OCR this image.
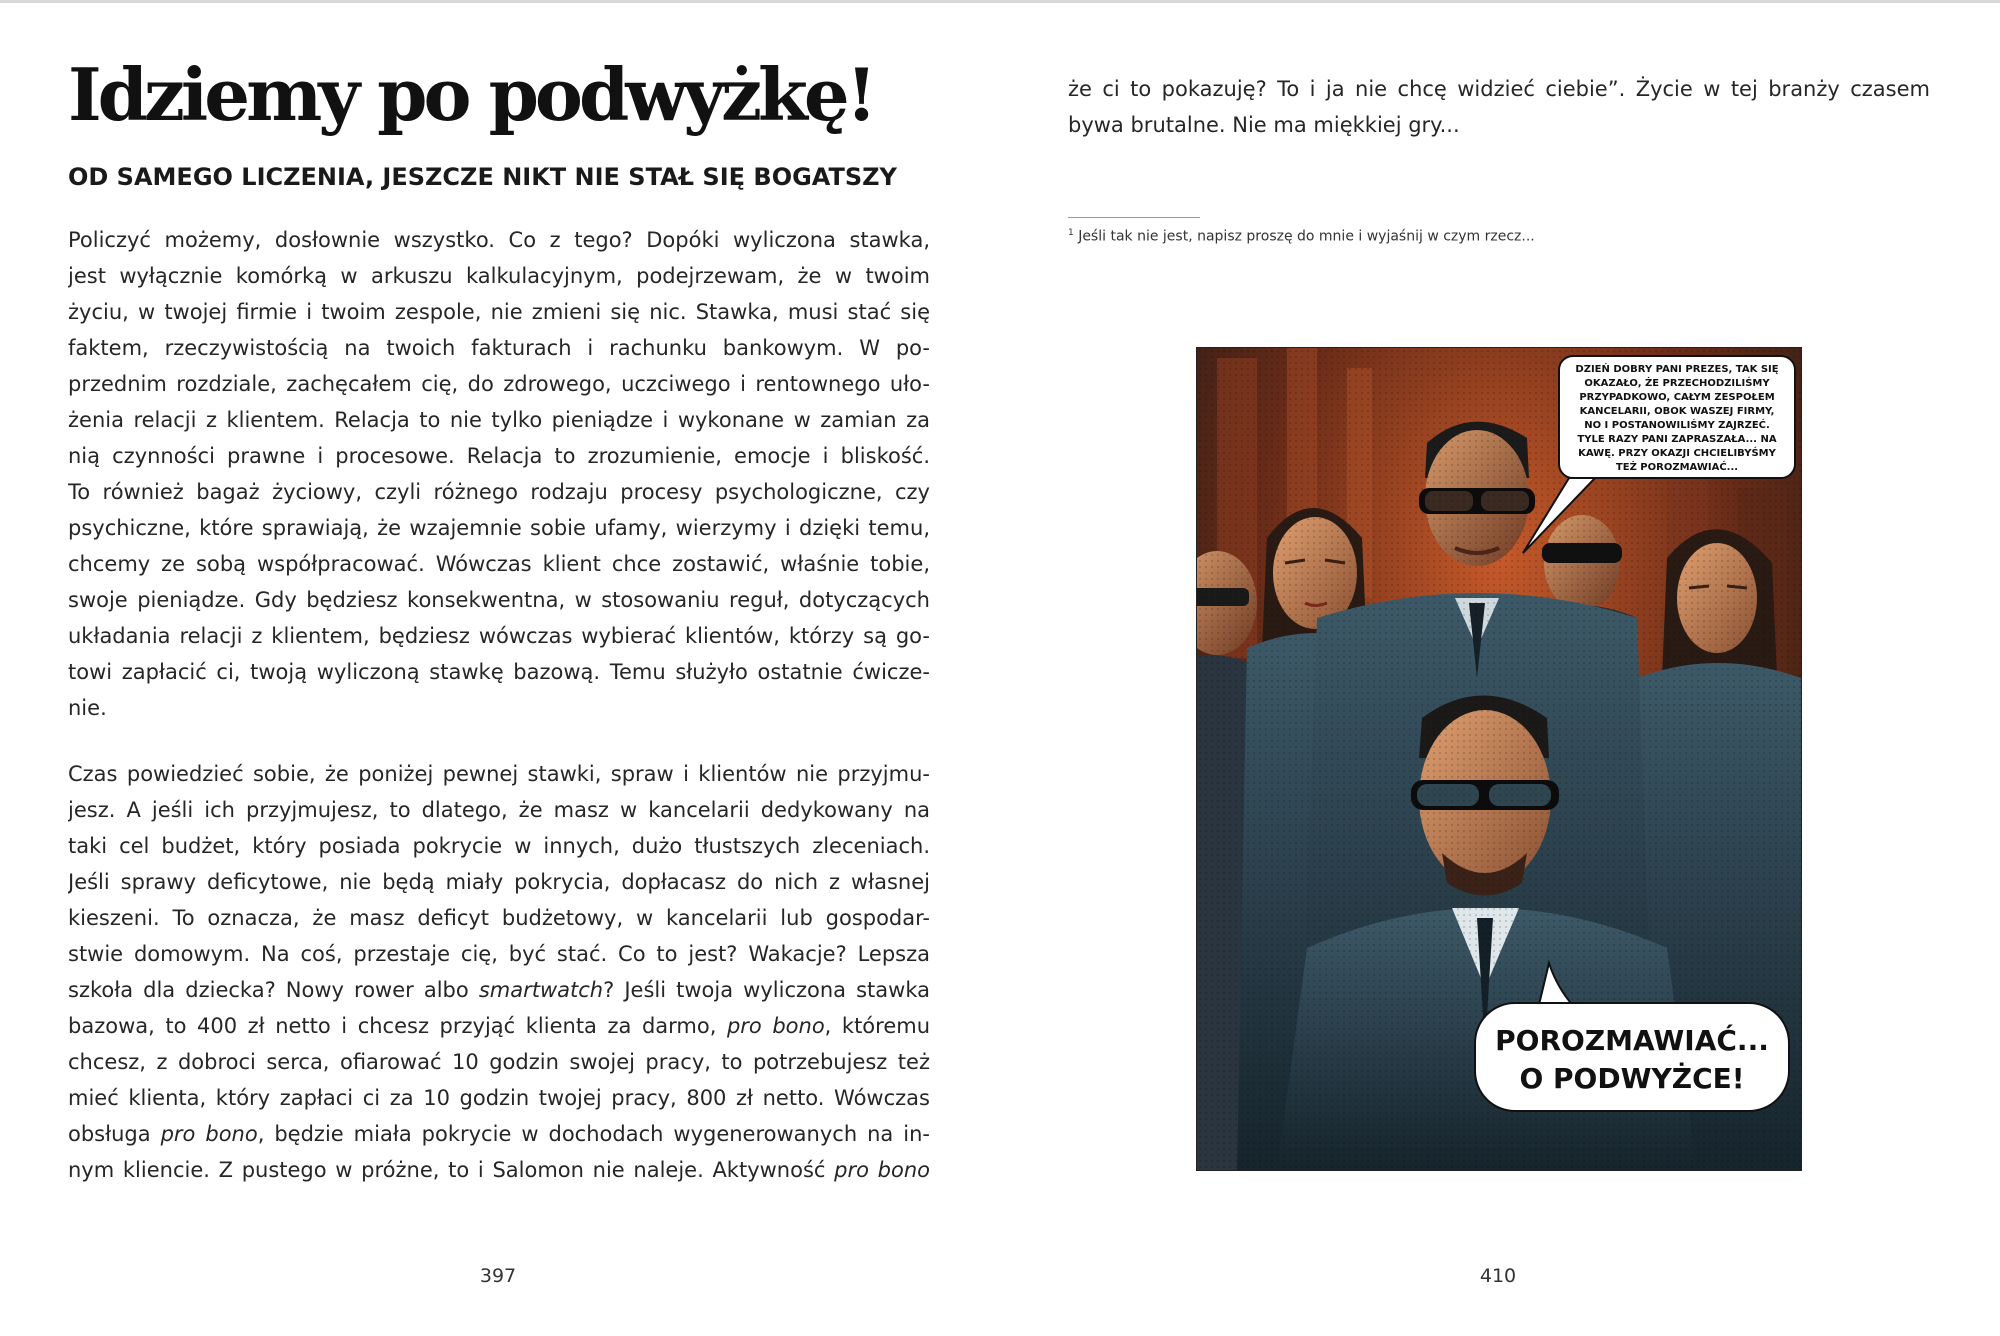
Idziemy po podwyżkę!
OD SAMEGO LICZENIA, JESZCZE NIKT NIE STAŁ SIĘ BOGATSZY
Policzyć możemy, dosłownie wszystko. Co z tego? Dopóki wyliczona stawka,
jest wyłącznie komórką w arkuszu kalkulacyjnym, podejrzewam, że w twoim
życiu, w twojej firmie i twoim zespole, nie zmieni się nic. Stawka, musi stać się
faktem, rzeczywistością na twoich fakturach i rachunku bankowym. W po-
przednim rozdziale, zachęcałem cię, do zdrowego, uczciwego i rentownego uło-
żenia relacji z klientem. Relacja to nie tylko pieniądze i wykonane w zamian za
nią czynności prawne i procesowe. Relacja to zrozumienie, emocje i bliskość.
To również bagaż życiowy, czyli różnego rodzaju procesy psychologiczne, czy
psychiczne, które sprawiają, że wzajemnie sobie ufamy, wierzymy i dzięki temu,
chcemy ze sobą współpracować. Wówczas klient chce zostawić, właśnie tobie,
swoje pieniądze. Gdy będziesz konsekwentna, w stosowaniu reguł, dotyczących
układania relacji z klientem, będziesz wówczas wybierać klientów, którzy są go-
towi zapłacić ci, twoją wyliczoną stawkę bazową. Temu służyło ostatnie ćwicze-
nie.
Czas powiedzieć sobie, że poniżej pewnej stawki, spraw i klientów nie przyjmu-
jesz. A jeśli ich przyjmujesz, to dlatego, że masz w kancelarii dedykowany na
taki cel budżet, który posiada pokrycie w innych, dużo tłustszych zleceniach.
Jeśli sprawy deficytowe, nie będą miały pokrycia, dopłacasz do nich z własnej
kieszeni. To oznacza, że masz deficyt budżetowy, w kancelarii lub gospodar-
stwie domowym. Na coś, przestaje cię, być stać. Co to jest? Wakacje? Lepsza
szkoła dla dziecka? Nowy rower albo smartwatch? Jeśli twoja wyliczona stawka
bazowa, to 400 zł netto i chcesz przyjąć klienta za darmo, pro bono, któremu
chcesz, z dobroci serca, ofiarować 10 godzin swojej pracy, to potrzebujesz też
mieć klienta, który zapłaci ci za 10 godzin twojej pracy, 800 zł netto. Wówczas
obsługa pro bono, będzie miała pokrycie w dochodach wygenerowanych na in-
nym kliencie. Z pustego w próżne, to i Salomon nie naleje. Aktywność pro bono
397
że ci to pokazuję? To i ja nie chcę widzieć ciebie”. Życie w tej branży czasem
bywa brutalne. Nie ma miękkiej gry...
$^1$ Jeśli tak nie jest, napisz proszę do mnie i wyjaśnij w czym rzecz...
DZIEŃ DOBRY PANI PREZES, TAK SIĘ
OKAZAŁO, ŻE PRZECHODZILIŚMY
PRZYPADKOWO, CAŁYM ZESPOŁEM
KANCELARII, OBOK WASZEJ FIRMY,
NO I POSTANOWILIŚMY ZAJRZEĆ.
TYLE RAZY PANI ZAPRASZAŁA... NA
KAWĘ. PRZY OKAZJI CHCIELIBYŚMY
TEŻ POROZMAWIAĆ...
POROZMAWIAĆ...
O PODWYŻCE!
410
